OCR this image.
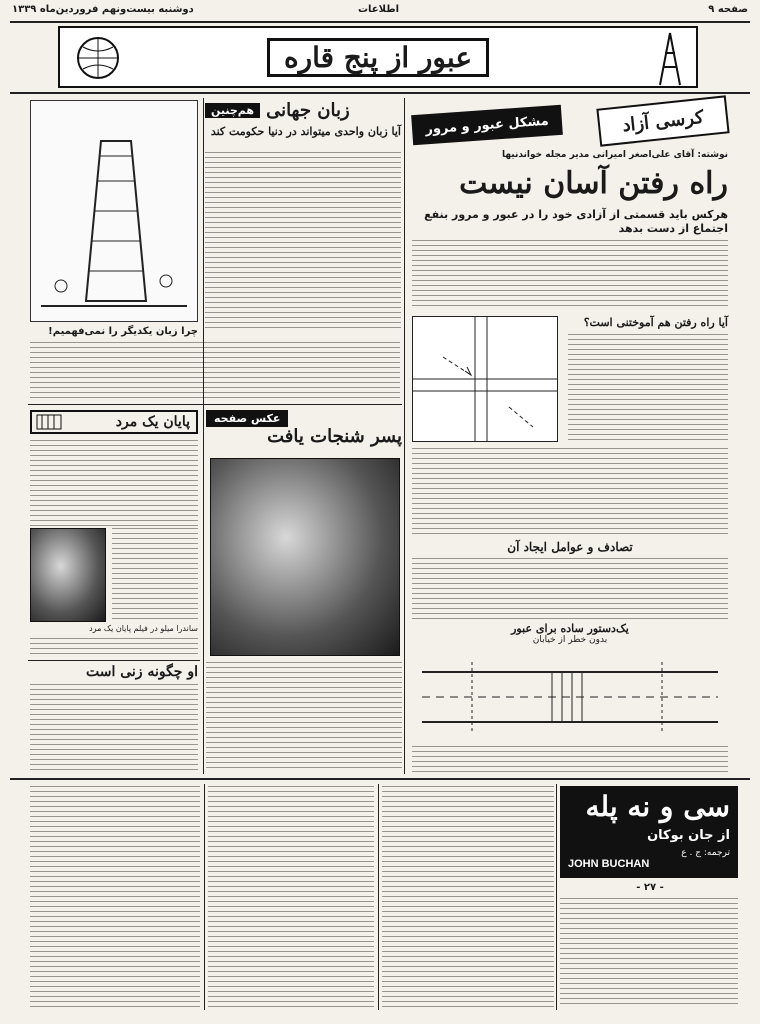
دوشنبه بیست‌ونهم فروردین‌ماه ۱۳۳۹	اطلاعات	صفحه ۹
عبور از پنج قاره
زبان جهانی
هم‌چنین
آیا زبان واحدی میتواند در دنیا حکومت کند
چرا زبان یکدیگر را نمی‌فهمیم!
پایان یک مرد
ساندرا میلو در فیلم پایان یک مرد
او چگونه زنی است
عکس صفحه
پسر شنجات یافت
کرسی آزاد
مشکل عبور و مرور
نوشته: آقای علی‌اصغر امیرانی مدیر مجله خواندنیها
راه رفتن آسان نیست
هرکس باید قسمتی از آزادی خود را در عبور و مرور بنفع اجتماع از دست بدهد
آیا راه رفتن هم آموختنی است؟
تصادف و عوامل ایجاد آن
یک‌دستور ساده برای عبور
بدون خطر از خیابان
سی و نه پله
از جان بوکان
ترجمه: ج . ع
JOHN BUCHAN
- ۲۷ -
